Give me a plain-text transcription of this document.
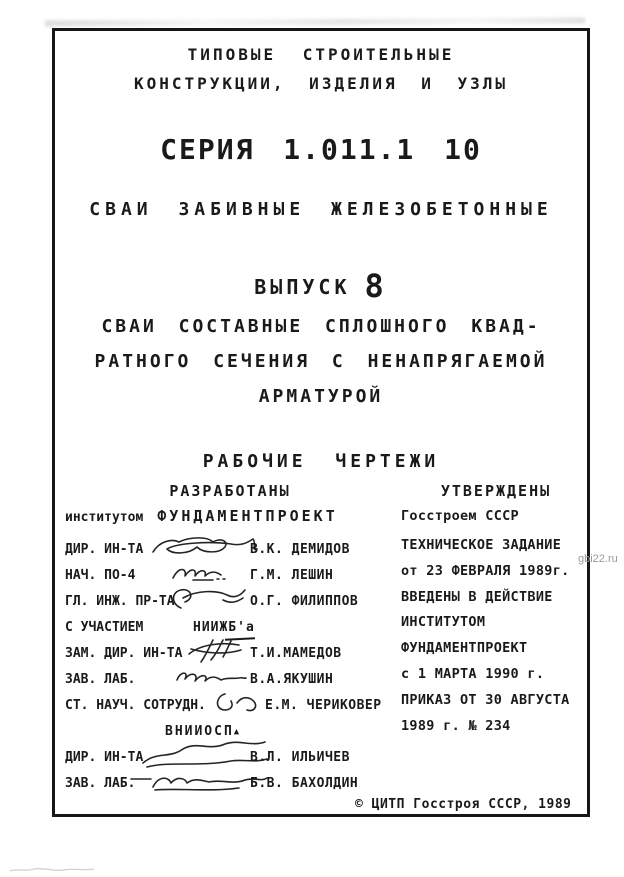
ТИПОВЫЕ СТРОИТЕЛЬНЫЕ
КОНСТРУКЦИИ, ИЗДЕЛИЯ И УЗЛЫ
СЕРИЯ 1.011.1 10
СВАИ ЗАБИВНЫЕ ЖЕЛЕЗОБЕТОННЫЕ
ВЫПУСК 8
СВАИ СОСТАВНЫЕ СПЛОШНОГО КВАД-
РАТНОГО СЕЧЕНИЯ С НЕНАПРЯГАЕМОЙ
АРМАТУРОЙ
РАБОЧИЕ ЧЕРТЕЖИ
РАЗРАБОТАНЫ	УТВЕРЖДЕНЫ
институтом ФУНДАМЕНТПРОЕКТ
ДИР. ИН-ТА	В.К. ДЕМИДОВ
НАЧ. ПО-4	Г.М. ЛЕШИН
ГЛ. ИНЖ. ПР-ТА	О.Г. ФИЛИППОВ
С УЧАСТИЕМ	НИИЖБ'а
ЗАМ. ДИР. ИН-ТА	Т.И.МАМЕДОВ
ЗАВ. ЛАБ.	В.А.ЯКУШИН
СТ. НАУЧ. СОТРУДН.	Е.М. ЧЕРИКОВЕР
ВНИИОСП▲
ДИР. ИН-ТА	В.Л. ИЛЬИЧЕВ
ЗАВ. ЛАБ.	Б.В. БАХОЛДИН
Госстроем СССР
ТЕХНИЧЕСКОЕ ЗАДАНИЕ
от 23 ФЕВРАЛЯ 1989г.
ВВЕДЕНЫ В ДЕЙСТВИЕ
ИНСТИТУТОМ
ФУНДАМЕНТПРОЕКТ
с 1 МАРТА 1990 г.
ПРИКАЗ ОТ 30 АВГУСТА
1989 г. № 234
© ЦИТП Госстроя СССР, 1989
gbi22.ru
